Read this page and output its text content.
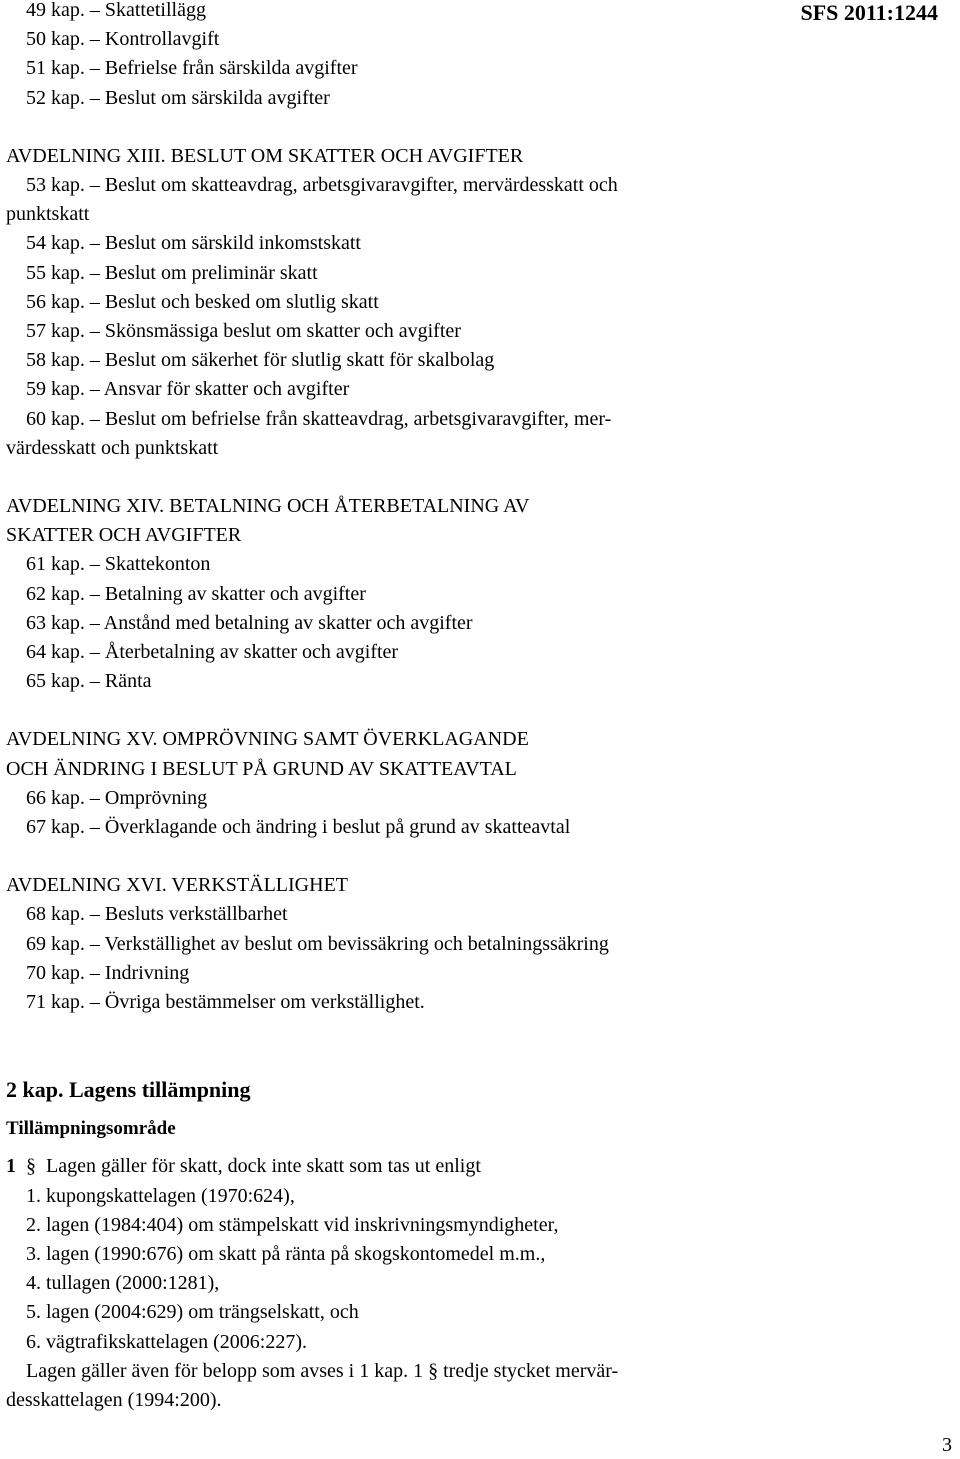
SFS 2011:1244
49 kap. – Skattetillägg
50 kap. – Kontrollavgift
51 kap. – Befrielse från särskilda avgifter
52 kap. – Beslut om särskilda avgifter
AVDELNING XIII. BESLUT OM SKATTER OCH AVGIFTER
53 kap. – Beslut om skatteavdrag, arbetsgivaravgifter, mervärdesskatt och
punktskatt
54 kap. – Beslut om särskild inkomstskatt
55 kap. – Beslut om preliminär skatt
56 kap. – Beslut och besked om slutlig skatt
57 kap. – Skönsmässiga beslut om skatter och avgifter
58 kap. – Beslut om säkerhet för slutlig skatt för skalbolag
59 kap. – Ansvar för skatter och avgifter
60 kap. – Beslut om befrielse från skatteavdrag, arbetsgivaravgifter, mer-
värdesskatt och punktskatt
AVDELNING XIV. BETALNING OCH ÅTERBETALNING AV
SKATTER OCH AVGIFTER
61 kap. – Skattekonton
62 kap. – Betalning av skatter och avgifter
63 kap. – Anstånd med betalning av skatter och avgifter
64 kap. – Återbetalning av skatter och avgifter
65 kap. – Ränta
AVDELNING XV. OMPRÖVNING SAMT ÖVERKLAGANDE
OCH ÄNDRING I BESLUT PÅ GRUND AV SKATTEAVTAL
66 kap. – Omprövning
67 kap. – Överklagande och ändring i beslut på grund av skatteavtal
AVDELNING XVI. VERKSTÄLLIGHET
68 kap. – Besluts verkställbarhet
69 kap. – Verkställighet av beslut om bevissäkring och betalningssäkring
70 kap. – Indrivning
71 kap. – Övriga bestämmelser om verkställighet.
2 kap. Lagens tillämpning
Tillämpningsområde
1 § Lagen gäller för skatt, dock inte skatt som tas ut enligt
1. kupongskattelagen (1970:624),
2. lagen (1984:404) om stämpelskatt vid inskrivningsmyndigheter,
3. lagen (1990:676) om skatt på ränta på skogskontomedel m.m.,
4. tullagen (2000:1281),
5. lagen (2004:629) om trängselskatt, och
6. vägtrafikskattelagen (2006:227).
Lagen gäller även för belopp som avses i 1 kap. 1 § tredje stycket mervär-
desskattelagen (1994:200).
3
